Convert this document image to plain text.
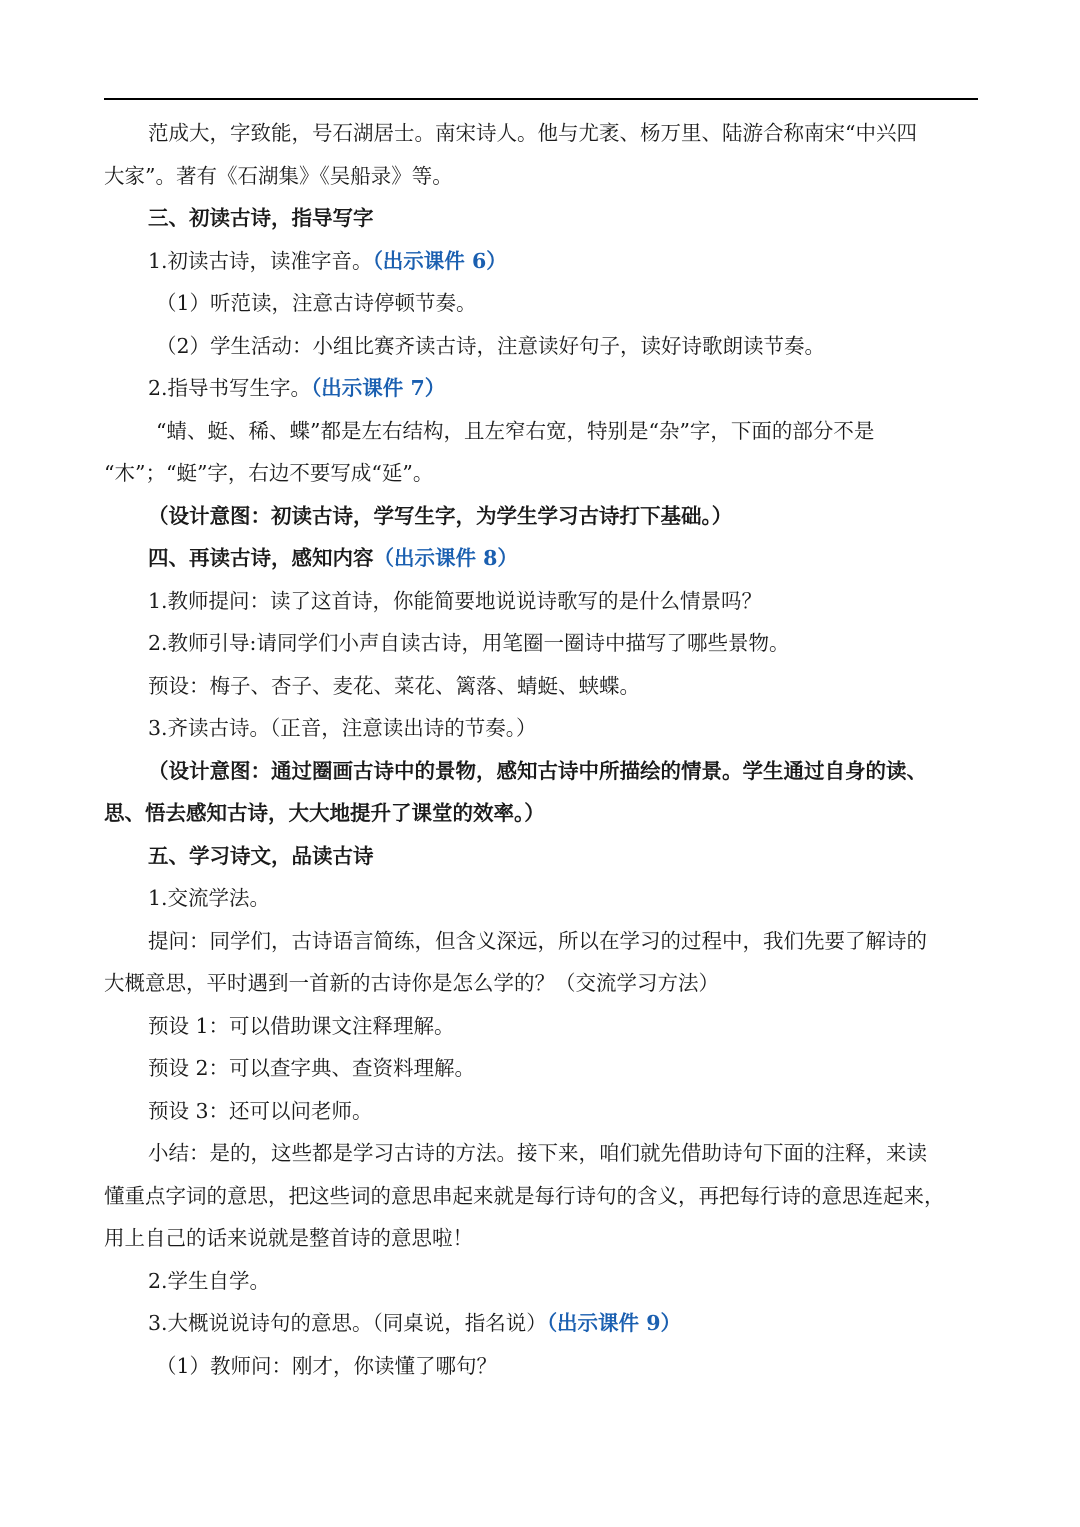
范成大，字致能，号石湖居士。南宋诗人。他与尤袤、杨万里、陆游合称南宋“中兴四
大家”。著有《石湖集》《吴船录》等。
三、初读古诗，指导写字
1.初读古诗，读准字音。（出示课件 6）
（1）听范读，注意古诗停顿节奏。
（2）学生活动：小组比赛齐读古诗，注意读好句子，读好诗歌朗读节奏。
2.指导书写生字。（出示课件 7）
“蜻、蜓、稀、蝶”都是左右结构，且左窄右宽，特别是“杂”字，下面的部分不是
“木”；“蜓”字，右边不要写成“延”。
（设计意图：初读古诗，学写生字，为学生学习古诗打下基础。）
四、再读古诗，感知内容（出示课件 8）
1.教师提问：读了这首诗，你能简要地说说诗歌写的是什么情景吗？
2.教师引导:请同学们小声自读古诗，用笔圈一圈诗中描写了哪些景物。
预设：梅子、杏子、麦花、菜花、篱落、蜻蜓、蛱蝶。
3.齐读古诗。（正音，注意读出诗的节奏。）
（设计意图：通过圈画古诗中的景物，感知古诗中所描绘的情景。学生通过自身的读、
思、悟去感知古诗，大大地提升了课堂的效率。）
五、学习诗文，品读古诗
1.交流学法。
提问：同学们，古诗语言简练，但含义深远，所以在学习的过程中，我们先要了解诗的
大概意思，平时遇到一首新的古诗你是怎么学的？（交流学习方法）
预设 1：可以借助课文注释理解。
预设 2：可以查字典、查资料理解。
预设 3：还可以问老师。
小结：是的，这些都是学习古诗的方法。接下来，咱们就先借助诗句下面的注释，来读
懂重点字词的意思，把这些词的意思串起来就是每行诗句的含义，再把每行诗的意思连起来，
用上自己的话来说就是整首诗的意思啦！
2.学生自学。
3.大概说说诗句的意思。（同桌说，指名说）（出示课件 9）
（1）教师问：刚才，你读懂了哪句？
